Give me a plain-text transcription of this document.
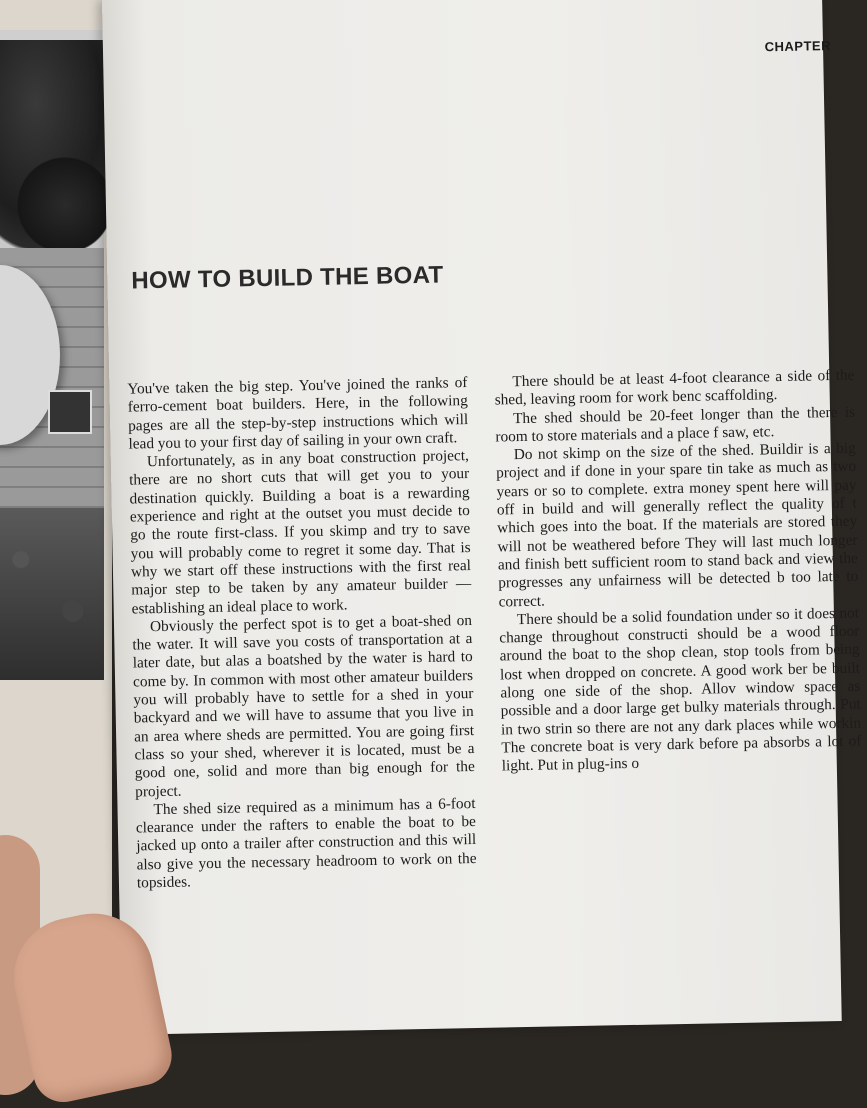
CHAPTER
HOW TO BUILD THE BOAT

You've taken the big step. You've joined the ranks of ferro-cement boat builders. Here, in the following pages are all the step-by-step instructions which will lead you to your first day of sailing in your own craft.

Unfortunately, as in any boat construction project, there are no short cuts that will get you to your destination quickly. Building a boat is a rewarding experience and right at the outset you must decide to go the route first-class. If you skimp and try to save you will probably come to regret it some day. That is why we start off these instructions with the first real major step to be taken by any amateur builder — establishing an ideal place to work.

Obviously the perfect spot is to get a boat-shed on the water. It will save you costs of transportation at a later date, but alas a boatshed by the water is hard to come by. In common with most other amateur builders you will probably have to settle for a shed in your backyard and we will have to assume that you live in an area where sheds are permitted. You are going first class so your shed, wherever it is located, must be a good one, solid and more than big enough for the project.

The shed size required as a minimum has a 6-foot clearance under the rafters to enable the boat to be jacked up onto a trailer after construction and this will also give you the necessary headroom to work on the topsides.

There should be at least 4-foot clearance a side of the shed, leaving room for work benc scaffolding.

The shed should be 20-feet longer than the there is room to store materials and a place f saw, etc.

Do not skimp on the size of the shed. Buildir is a big project and if done in your spare tin take as much as two years or so to complete. extra money spent here will pay off in build and will generally reflect the quality of t which goes into the boat. If the materials are stored they will not be weathered before They will last much longer and finish bett sufficient room to stand back and view the progresses any unfairness will be detected b too late to correct.

There should be a solid foundation under so it does not change throughout constructi should be a wood floor around the boat to the shop clean, stop tools from being lost when dropped on concrete. A good work ber be built along one side of the shop. Allov window space as possible and a door large get bulky materials through. Put in two strin so there are not any dark places while workin The concrete boat is very dark before pa absorbs a lot of light. Put in plug-ins o
